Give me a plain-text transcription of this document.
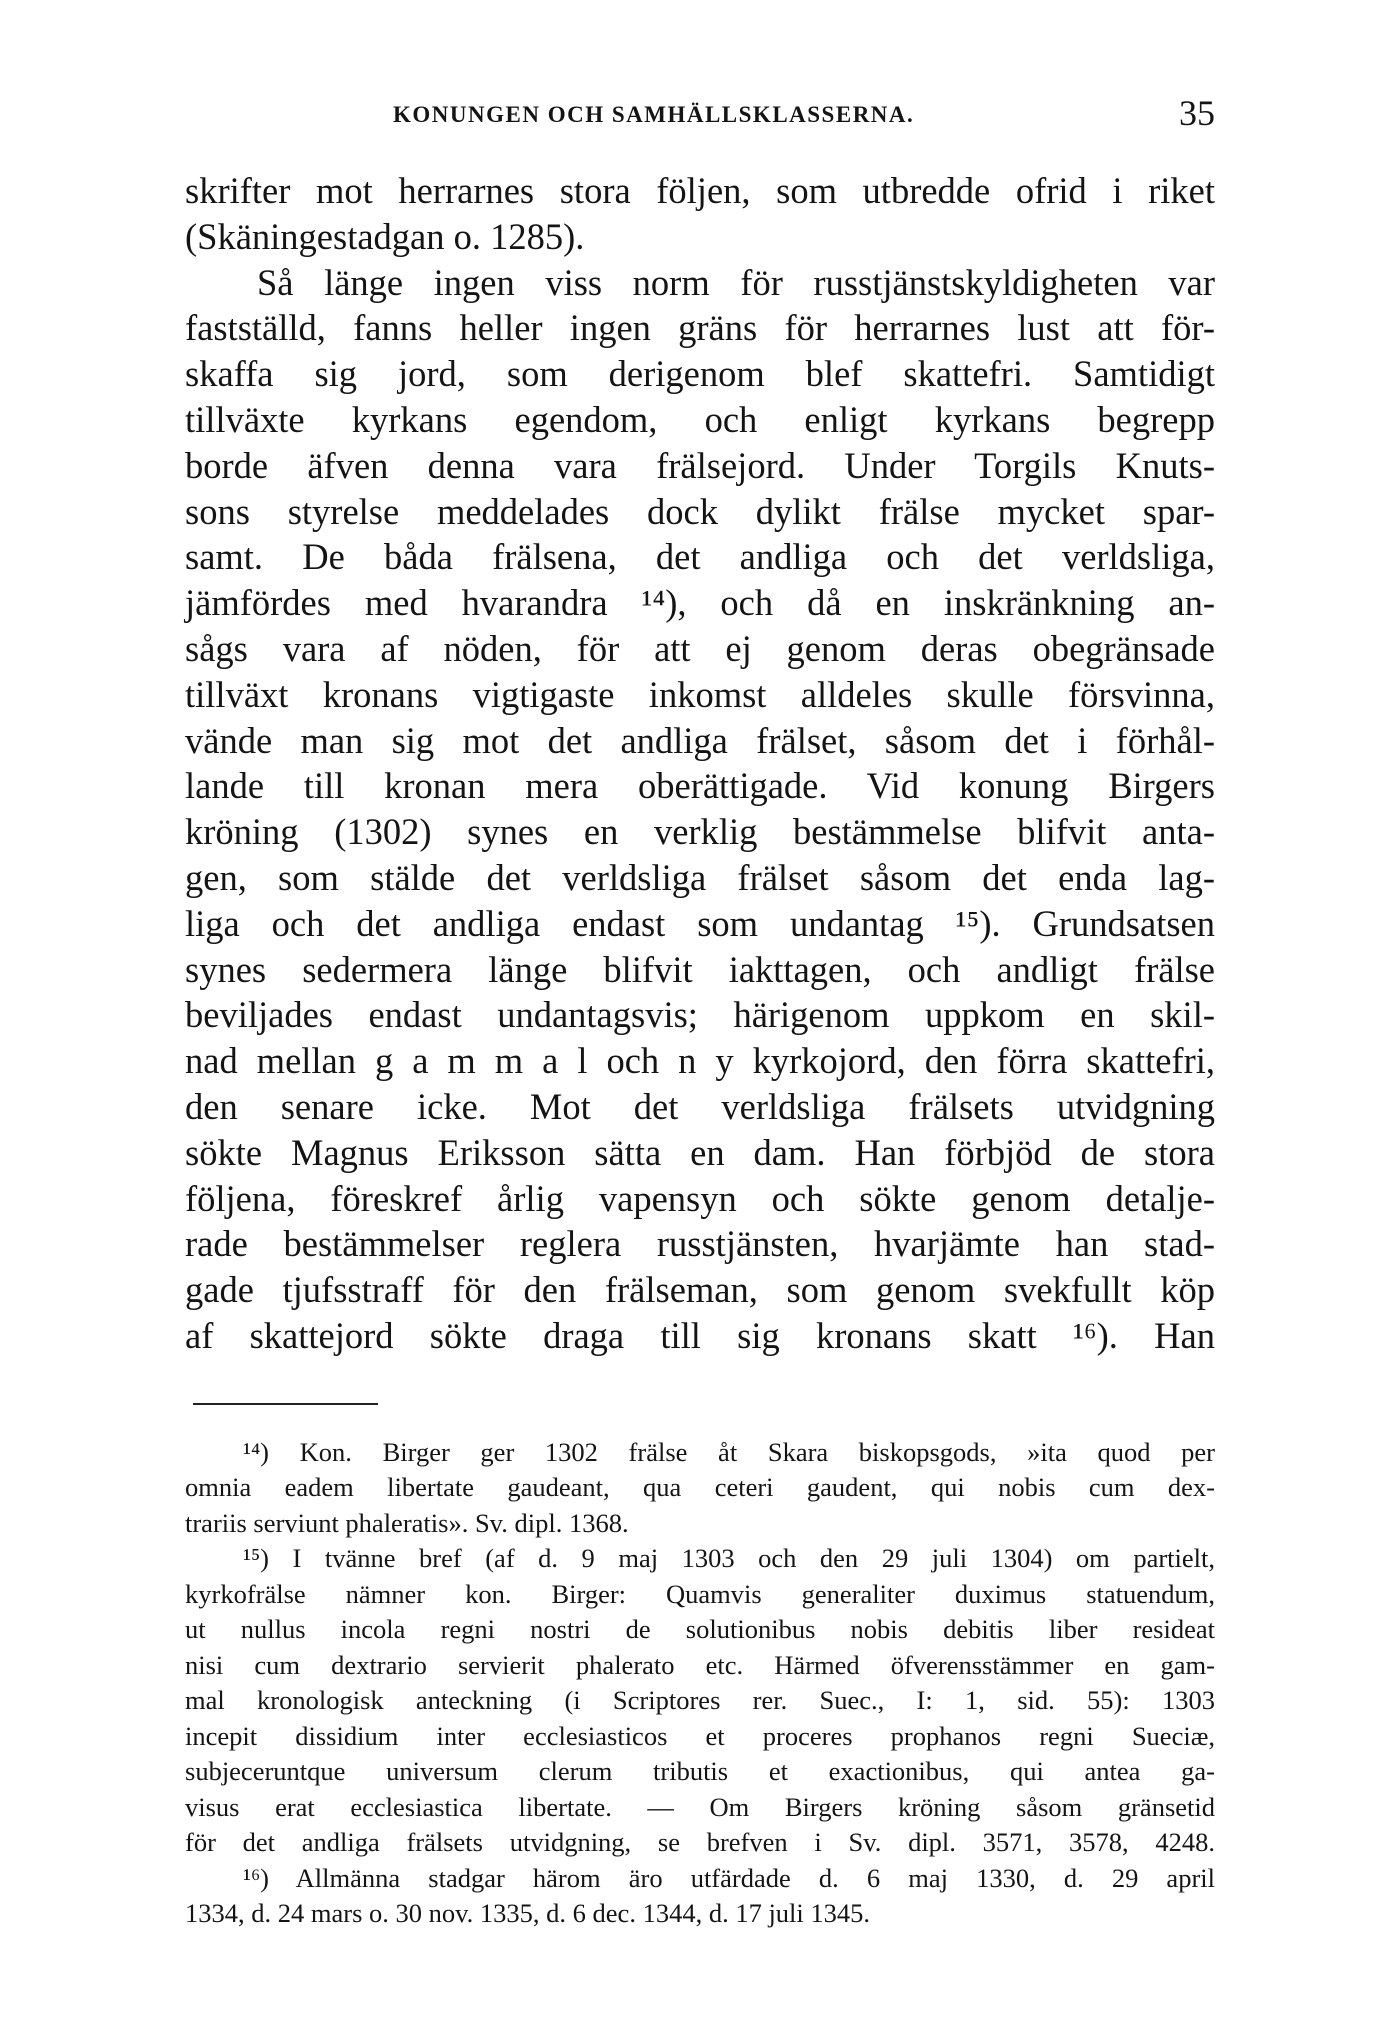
KONUNGEN OCH SAMHÄLLSKLASSERNA.	35
skrifter mot herrarnes stora följen, som utbredde ofrid i riket
(Skäningestadgan o. 1285).
Så länge ingen viss norm för russtjänstskyldigheten var
fastställd, fanns heller ingen gräns för herrarnes lust att för-
skaffa sig jord, som derigenom blef skattefri. Samtidigt
tillväxte kyrkans egendom, och enligt kyrkans begrepp
borde äfven denna vara frälsejord. Under Torgils Knuts-
sons styrelse meddelades dock dylikt frälse mycket spar-
samt. De båda frälsena, det andliga och det verldsliga,
jämfördes med hvarandra ¹⁴), och då en inskränkning an-
sågs vara af nöden, för att ej genom deras obegränsade
tillväxt kronans vigtigaste inkomst alldeles skulle försvinna,
vände man sig mot det andliga frälset, såsom det i förhål-
lande till kronan mera oberättigade. Vid konung Birgers
kröning (1302) synes en verklig bestämmelse blifvit anta-
gen, som stälde det verldsliga frälset såsom det enda lag-
liga och det andliga endast som undantag ¹⁵). Grundsatsen
synes sedermera länge blifvit iakttagen, och andligt frälse
beviljades endast undantagsvis; härigenom uppkom en skil-
nad mellan g a m m a l och n y kyrkojord, den förra skattefri,
den senare icke. Mot det verldsliga frälsets utvidgning
sökte Magnus Eriksson sätta en dam. Han förbjöd de stora
följena, föreskref årlig vapensyn och sökte genom detalje-
rade bestämmelser reglera russtjänsten, hvarjämte han stad-
gade tjufsstraff för den frälseman, som genom svekfullt köp
af skattejord sökte draga till sig kronans skatt ¹⁶). Han
¹⁴) Kon. Birger ger 1302 frälse åt Skara biskopsgods, »ita quod per
omnia eadem libertate gaudeant, qua ceteri gaudent, qui nobis cum dex-
trariis serviunt phaleratis». Sv. dipl. 1368.
¹⁵) I tvänne bref (af d. 9 maj 1303 och den 29 juli 1304) om partielt,
kyrkofrälse nämner kon. Birger: Quamvis generaliter duximus statuendum,
ut nullus incola regni nostri de solutionibus nobis debitis liber resideat
nisi cum dextrario servierit phalerato etc. Härmed öfverensstämmer en gam-
mal kronologisk anteckning (i Scriptores rer. Suec., I: 1, sid. 55): 1303
incepit dissidium inter ecclesiasticos et proceres prophanos regni Sueciæ,
subjeceruntque universum clerum tributis et exactionibus, qui antea ga-
visus erat ecclesiastica libertate. — Om Birgers kröning såsom gränsetid
för det andliga frälsets utvidgning, se brefven i Sv. dipl. 3571, 3578, 4248.
¹⁶) Allmänna stadgar härom äro utfärdade d. 6 maj 1330, d. 29 april
1334, d. 24 mars o. 30 nov. 1335, d. 6 dec. 1344, d. 17 juli 1345.
